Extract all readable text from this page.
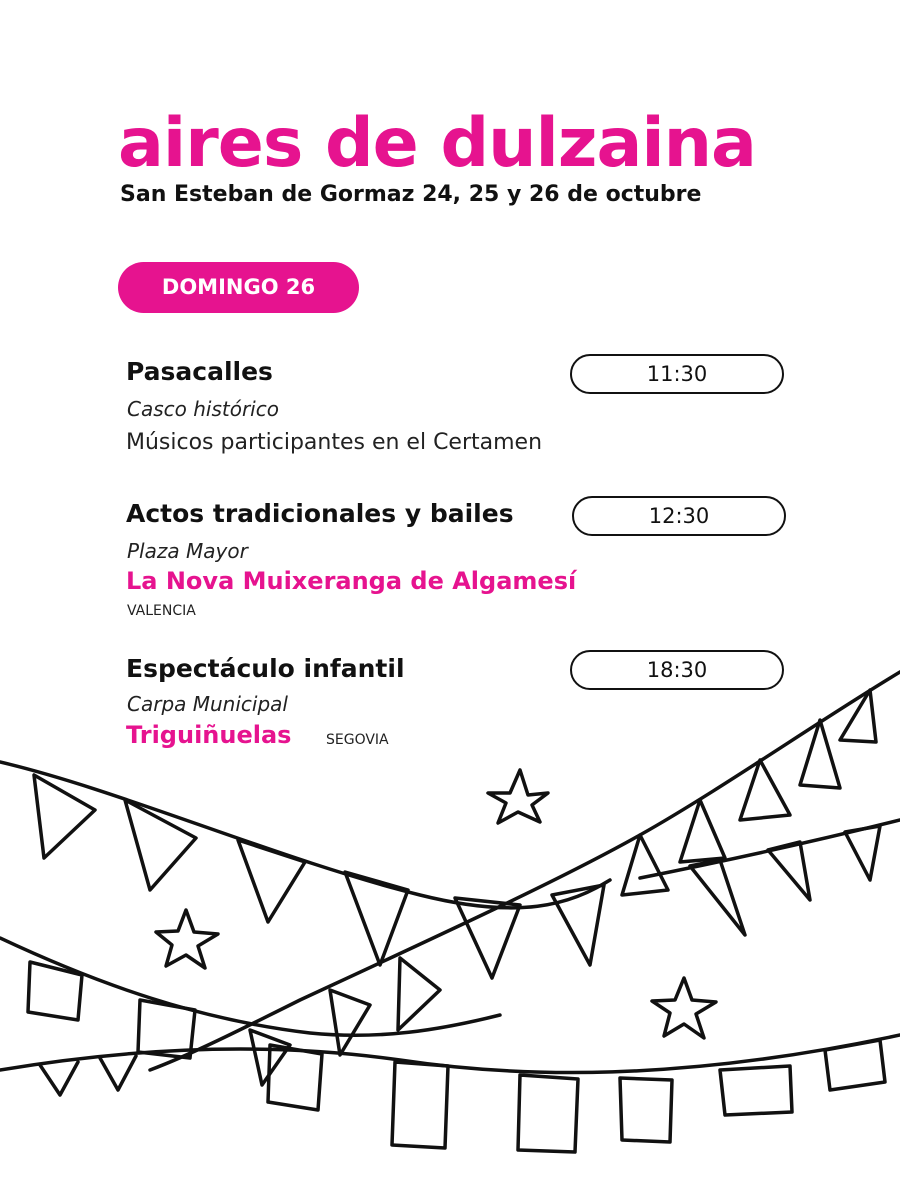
aires de dulzaina
San Esteban de Gormaz 24, 25 y 26 de octubre
DOMINGO 26
Pasacalles
Casco histórico
Músicos participantes en el Certamen
11:30
Actos tradicionales y bailes
Plaza Mayor
La Nova Muixeranga de Algamesí
VALENCIA
12:30
Espectáculo infantil
Carpa Municipal
Triguiñuelas SEGOVIA
18:30
